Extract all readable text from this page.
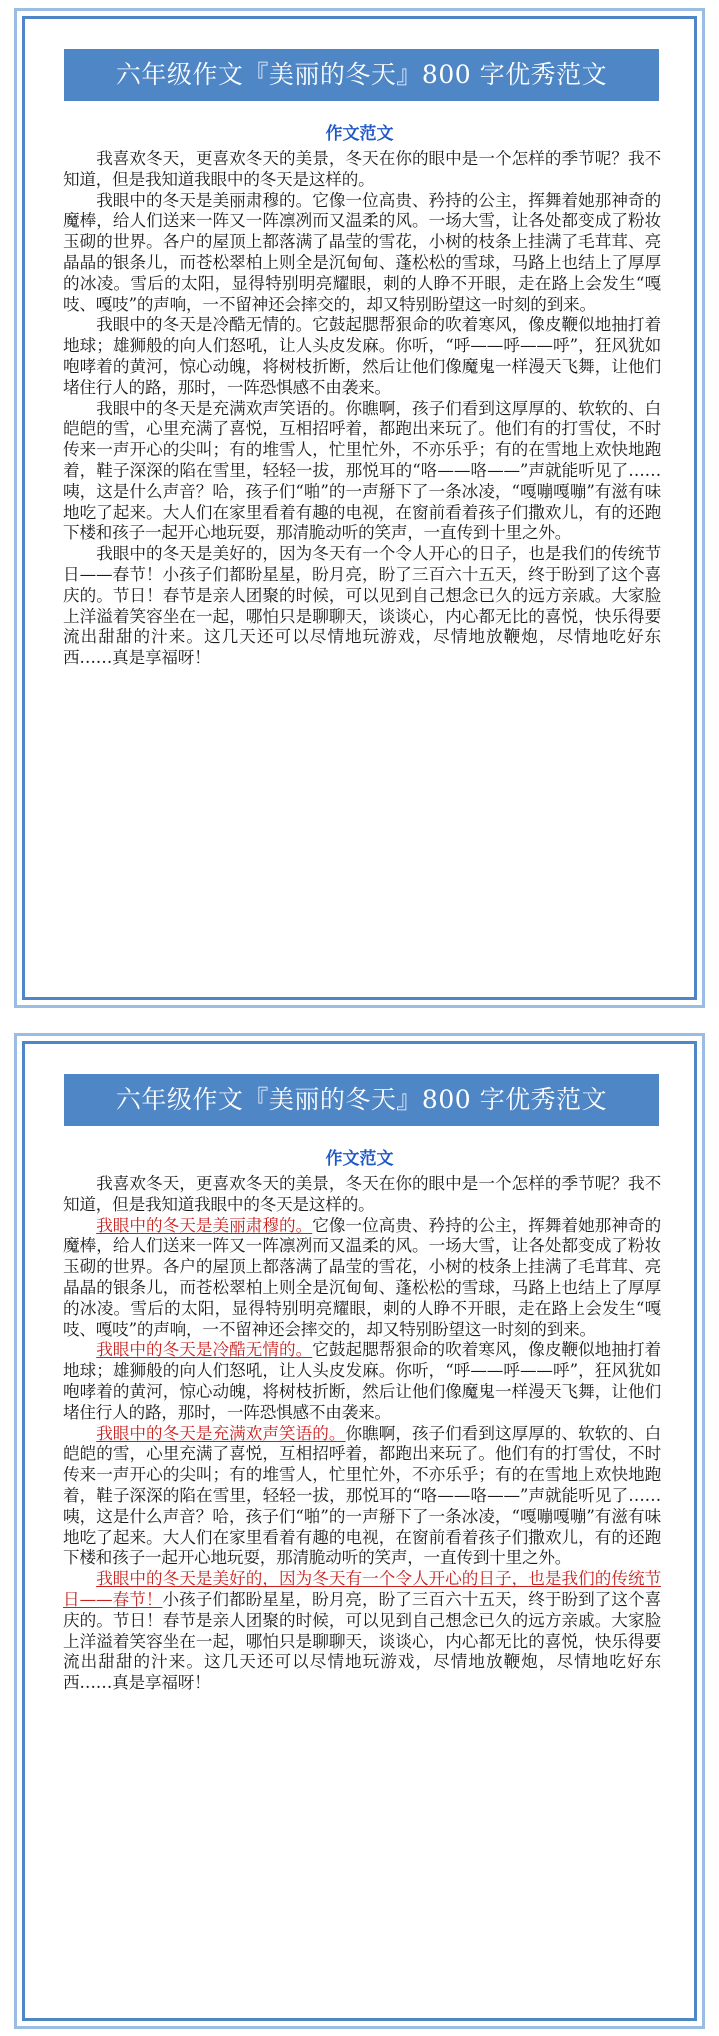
六年级作文『美丽的冬天』800 字优秀范文
作文范文

我喜欢冬天，更喜欢冬天的美景，冬天在你的眼中是一个怎样的季节呢？我不知道，但是我知道我眼中的冬天是这样的。

我眼中的冬天是美丽肃穆的。它像一位高贵、矜持的公主，挥舞着她那神奇的魔棒，给人们送来一阵又一阵凛冽而又温柔的风。一场大雪，让各处都变成了粉妆玉砌的世界。各户的屋顶上都落满了晶莹的雪花，小树的枝条上挂满了毛茸茸、亮晶晶的银条儿，而苍松翠柏上则全是沉甸甸、蓬松松的雪球，马路上也结上了厚厚的冰凌。雪后的太阳，显得特别明亮耀眼，刺的人睁不开眼，走在路上会发生“嘎吱、嘎吱”的声响，一不留神还会摔交的，却又特别盼望这一时刻的到来。

我眼中的冬天是冷酷无情的。它鼓起腮帮狠命的吹着寒风，像皮鞭似地抽打着地球；雄狮般的向人们怒吼，让人头皮发麻。你听，“呼——呼——呼”，狂风犹如咆哮着的黄河，惊心动魄，将树枝折断，然后让他们像魔鬼一样漫天飞舞，让他们堵住行人的路，那时，一阵恐惧感不由袭来。

我眼中的冬天是充满欢声笑语的。你瞧啊，孩子们看到这厚厚的、软软的、白皑皑的雪，心里充满了喜悦，互相招呼着，都跑出来玩了。他们有的打雪仗，不时传来一声开心的尖叫；有的堆雪人，忙里忙外，不亦乐乎；有的在雪地上欢快地跑着，鞋子深深的陷在雪里，轻轻一拔，那悦耳的“咯——咯——”声就能听见了……咦，这是什么声音？哈，孩子们“啪”的一声掰下了一条冰凌，“嘎嘣嘎嘣”有滋有味地吃了起来。大人们在家里看着有趣的电视，在窗前看着孩子们撒欢儿，有的还跑下楼和孩子一起开心地玩耍，那清脆动听的笑声，一直传到十里之外。

我眼中的冬天是美好的，因为冬天有一个令人开心的日子，也是我们的传统节日——春节！小孩子们都盼星星，盼月亮，盼了三百六十五天，终于盼到了这个喜庆的。节日！春节是亲人团聚的时候，可以见到自己想念已久的远方亲戚。大家脸上洋溢着笑容坐在一起，哪怕只是聊聊天，谈谈心，内心都无比的喜悦，快乐得要流出甜甜的汁来。这几天还可以尽情地玩游戏，尽情地放鞭炮，尽情地吃好东西……真是享福呀！

六年级作文『美丽的冬天』800 字优秀范文
作文范文

我喜欢冬天，更喜欢冬天的美景，冬天在你的眼中是一个怎样的季节呢？我不知道，但是我知道我眼中的冬天是这样的。

我眼中的冬天是美丽肃穆的。它像一位高贵、矜持的公主，挥舞着她那神奇的魔棒，给人们送来一阵又一阵凛冽而又温柔的风。一场大雪，让各处都变成了粉妆玉砌的世界。各户的屋顶上都落满了晶莹的雪花，小树的枝条上挂满了毛茸茸、亮晶晶的银条儿，而苍松翠柏上则全是沉甸甸、蓬松松的雪球，马路上也结上了厚厚的冰凌。雪后的太阳，显得特别明亮耀眼，刺的人睁不开眼，走在路上会发生“嘎吱、嘎吱”的声响，一不留神还会摔交的，却又特别盼望这一时刻的到来。

我眼中的冬天是冷酷无情的。它鼓起腮帮狠命的吹着寒风，像皮鞭似地抽打着地球；雄狮般的向人们怒吼，让人头皮发麻。你听，“呼——呼——呼”，狂风犹如咆哮着的黄河，惊心动魄，将树枝折断，然后让他们像魔鬼一样漫天飞舞，让他们堵住行人的路，那时，一阵恐惧感不由袭来。

我眼中的冬天是充满欢声笑语的。你瞧啊，孩子们看到这厚厚的、软软的、白皑皑的雪，心里充满了喜悦，互相招呼着，都跑出来玩了。他们有的打雪仗，不时传来一声开心的尖叫；有的堆雪人，忙里忙外，不亦乐乎；有的在雪地上欢快地跑着，鞋子深深的陷在雪里，轻轻一拔，那悦耳的“咯——咯——”声就能听见了……咦，这是什么声音？哈，孩子们“啪”的一声掰下了一条冰凌，“嘎嘣嘎嘣”有滋有味地吃了起来。大人们在家里看着有趣的电视，在窗前看着孩子们撒欢儿，有的还跑下楼和孩子一起开心地玩耍，那清脆动听的笑声，一直传到十里之外。

我眼中的冬天是美好的，因为冬天有一个令人开心的日子，也是我们的传统节日——春节！小孩子们都盼星星，盼月亮，盼了三百六十五天，终于盼到了这个喜庆的。节日！春节是亲人团聚的时候，可以见到自己想念已久的远方亲戚。大家脸上洋溢着笑容坐在一起，哪怕只是聊聊天，谈谈心，内心都无比的喜悦，快乐得要流出甜甜的汁来。这几天还可以尽情地玩游戏，尽情地放鞭炮，尽情地吃好东西……真是享福呀！
